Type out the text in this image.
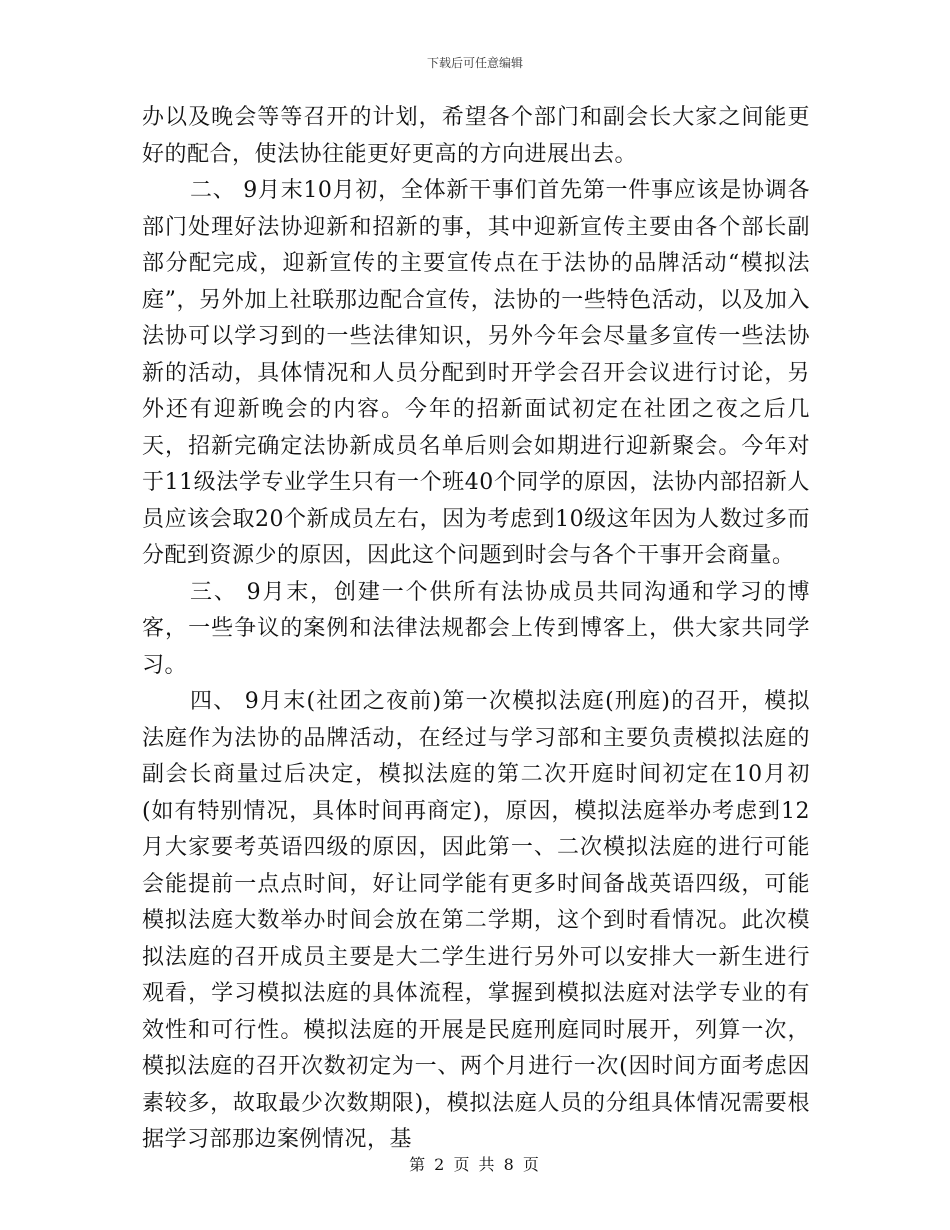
下载后可任意编辑

办以及晚会等等召开的计划，希望各个部门和副会长大家之间能更好的配合，使法协往能更好更高的方向进展出去。

二、 9月末10月初，全体新干事们首先第一件事应该是协调各部门处理好法协迎新和招新的事，其中迎新宣传主要由各个部长副部分配完成，迎新宣传的主要宣传点在于法协的品牌活动“模拟法庭”，另外加上社联那边配合宣传，法协的一些特色活动，以及加入法协可以学习到的一些法律知识，另外今年会尽量多宣传一些法协新的活动，具体情况和人员分配到时开学会召开会议进行讨论，另外还有迎新晚会的内容。今年的招新面试初定在社团之夜之后几天，招新完确定法协新成员名单后则会如期进行迎新聚会。今年对于11级法学专业学生只有一个班40个同学的原因，法协内部招新人员应该会取20个新成员左右，因为考虑到10级这年因为人数过多而分配到资源少的原因，因此这个问题到时会与各个干事开会商量。

三、 9月末，创建一个供所有法协成员共同沟通和学习的博客，一些争议的案例和法律法规都会上传到博客上，供大家共同学习。

四、 9月末(社团之夜前)第一次模拟法庭(刑庭)的召开，模拟法庭作为法协的品牌活动，在经过与学习部和主要负责模拟法庭的副会长商量过后决定，模拟法庭的第二次开庭时间初定在10月初(如有特别情况，具体时间再商定)，原因，模拟法庭举办考虑到12月大家要考英语四级的原因，因此第一、二次模拟法庭的进行可能会能提前一点点时间，好让同学能有更多时间备战英语四级，可能模拟法庭大数举办时间会放在第二学期，这个到时看情况。此次模拟法庭的召开成员主要是大二学生进行另外可以安排大一新生进行观看，学习模拟法庭的具体流程，掌握到模拟法庭对法学专业的有效性和可行性。模拟法庭的开展是民庭刑庭同时展开，列算一次，模拟法庭的召开次数初定为一、两个月进行一次(因时间方面考虑因素较多，故取最少次数期限)，模拟法庭人员的分组具体情况需要根据学习部那边案例情况，基

第 2 页 共 8 页
